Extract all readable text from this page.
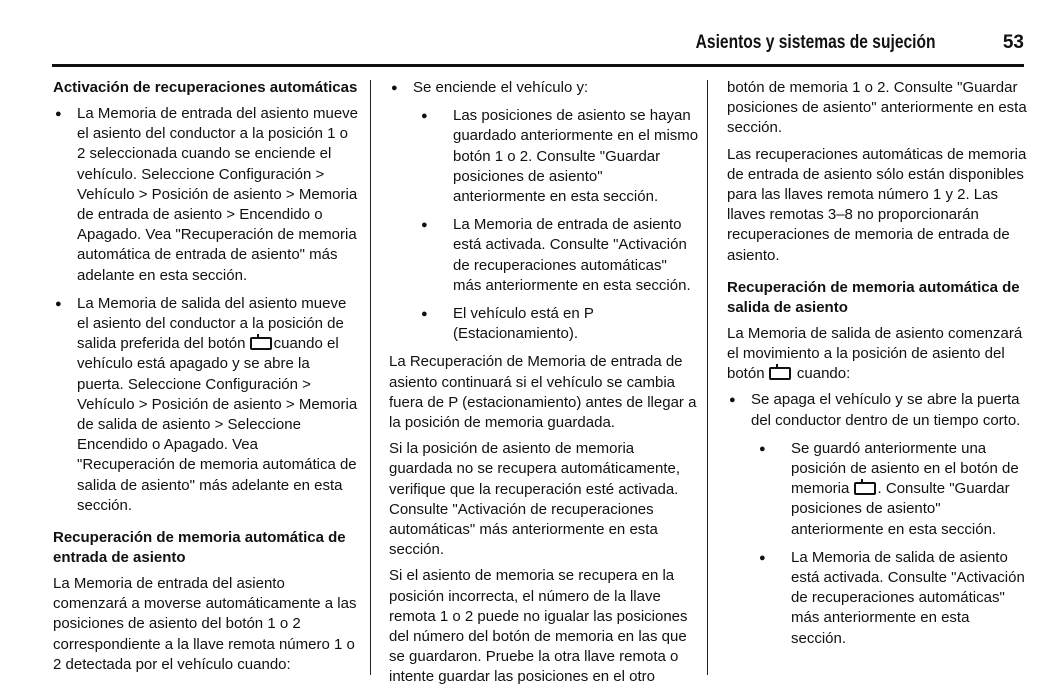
Asientos y sistemas de sujeción	53
Activación de recuperaciones automáticas
● La Memoria de entrada del asiento mueve el asiento del conductor a la posición 1 o 2 seleccionada cuando se enciende el vehículo. Seleccione Configuración > Vehículo > Posición de asiento > Memoria de entrada de asiento > Encendido o Apagado. Vea "Recuperación de memoria automática de entrada de asiento" más adelante en esta sección.
● La Memoria de salida del asiento mueve el asiento del conductor a la posición de salida preferida del botón cuando el vehículo está apagado y se abre la puerta. Seleccione Configuración > Vehículo > Posición de asiento > Memoria de salida de asiento > Seleccione Encendido o Apagado. Vea "Recuperación de memoria automática de salida de asiento" más adelante en esta sección.
Recuperación de memoria automática de entrada de asiento

La Memoria de entrada del asiento comenzará a moverse automáticamente a las posiciones de asiento del botón 1 o 2 correspondiente a la llave remota número 1 o 2 detectada por el vehículo cuando:

● Se enciende el vehículo y:
● Las posiciones de asiento se hayan guardado anteriormente en el mismo botón 1 o 2. Consulte "Guardar posiciones de asiento" anteriormente en esta sección.
● La Memoria de entrada de asiento está activada. Consulte "Activación de recuperaciones automáticas" más anteriormente en esta sección.
● El vehículo está en P (Estacionamiento).

La Recuperación de Memoria de entrada de asiento continuará si el vehículo se cambia fuera de P (estacionamiento) antes de llegar a la posición de memoria guardada.

Si la posición de asiento de memoria guardada no se recupera automáticamente, verifique que la recuperación esté activada. Consulte "Activación de recuperaciones automáticas" más anteriormente en esta sección.

Si el asiento de memoria se recupera en la posición incorrecta, el número de la llave remota 1 o 2 puede no igualar las posiciones del número del botón de memoria en las que se guardaron. Pruebe la otra llave remota o intente guardar las posiciones en el otro

botón de memoria 1 o 2. Consulte "Guardar posiciones de asiento" anteriormente en esta sección.

Las recuperaciones automáticas de memoria de entrada de asiento sólo están disponibles para las llaves remota número 1 y 2. Las llaves remotas 3–8 no proporcionarán recuperaciones de memoria de entrada de asiento.

Recuperación de memoria automática de salida de asiento

La Memoria de salida de asiento comenzará el movimiento a la posición de asiento del botón cuando:

● Se apaga el vehículo y se abre la puerta del conductor dentro de un tiempo corto.
● Se guardó anteriormente una posición de asiento en el botón de memoria . Consulte "Guardar posiciones de asiento" anteriormente en esta sección.
● La Memoria de salida de asiento está activada. Consulte "Activación de recuperaciones automáticas" más anteriormente en esta sección.
